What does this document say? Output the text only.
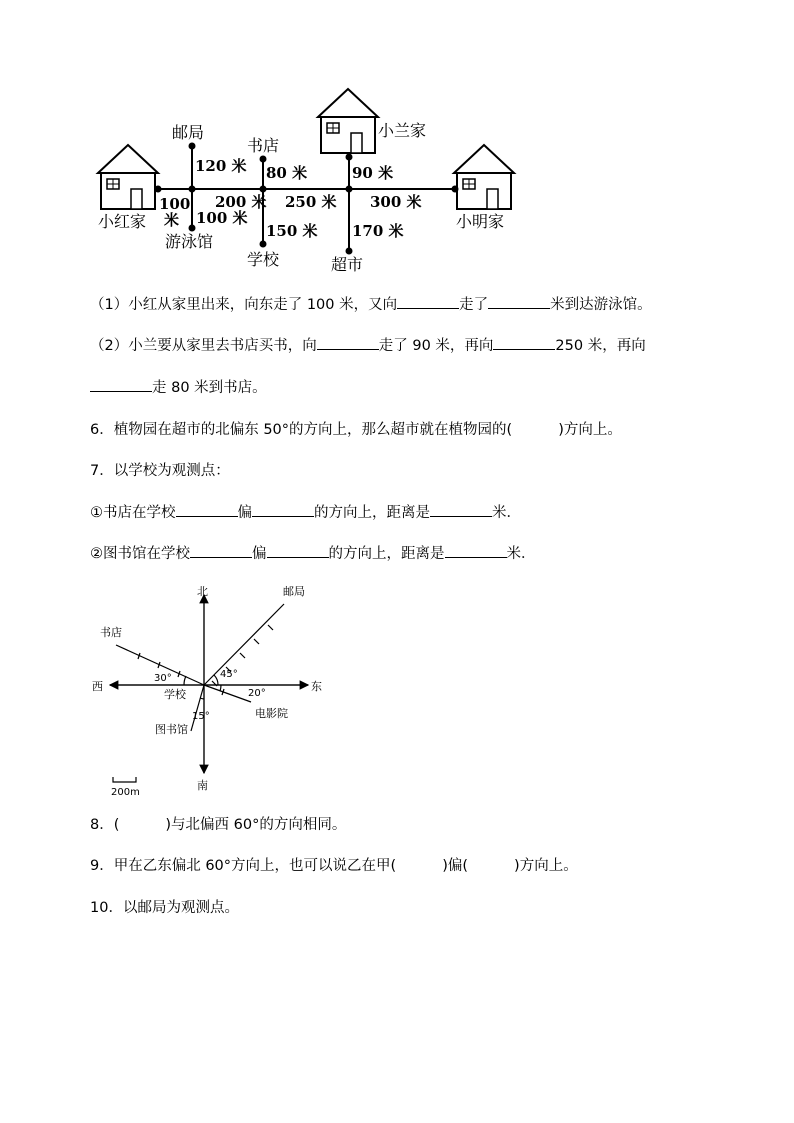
邮局
书店
小兰家
小红家	小明家
游泳馆
学校	超市
100
米
200 米 250 米 300 米
120 米
100 米
80 米
150 米
90 米
170 米
（1）小红从家里出来，向东走了 100 米，又向	走了	米到达游泳馆。
（2）小兰要从家里去书店买书，向	走了 90 米，再向	250 米，再向
走 80 米到书店。
6．植物园在超市的北偏东 50°的方向上，那么超市就在植物园的(	)方向上。
7．以学校为观测点：
①书店在学校	偏	的方向上，距离是	米．
②图书馆在学校	偏	的方向上，距离是	米．
北
南
东
西
邮局
书店
学校
图书馆
电影院
30°	45°
20°
15°
200m
8．(	)与北偏西 60°的方向相同。
9．甲在乙东偏北 60°方向上，也可以说乙在甲(	)偏(	)方向上。
10．以邮局为观测点。
